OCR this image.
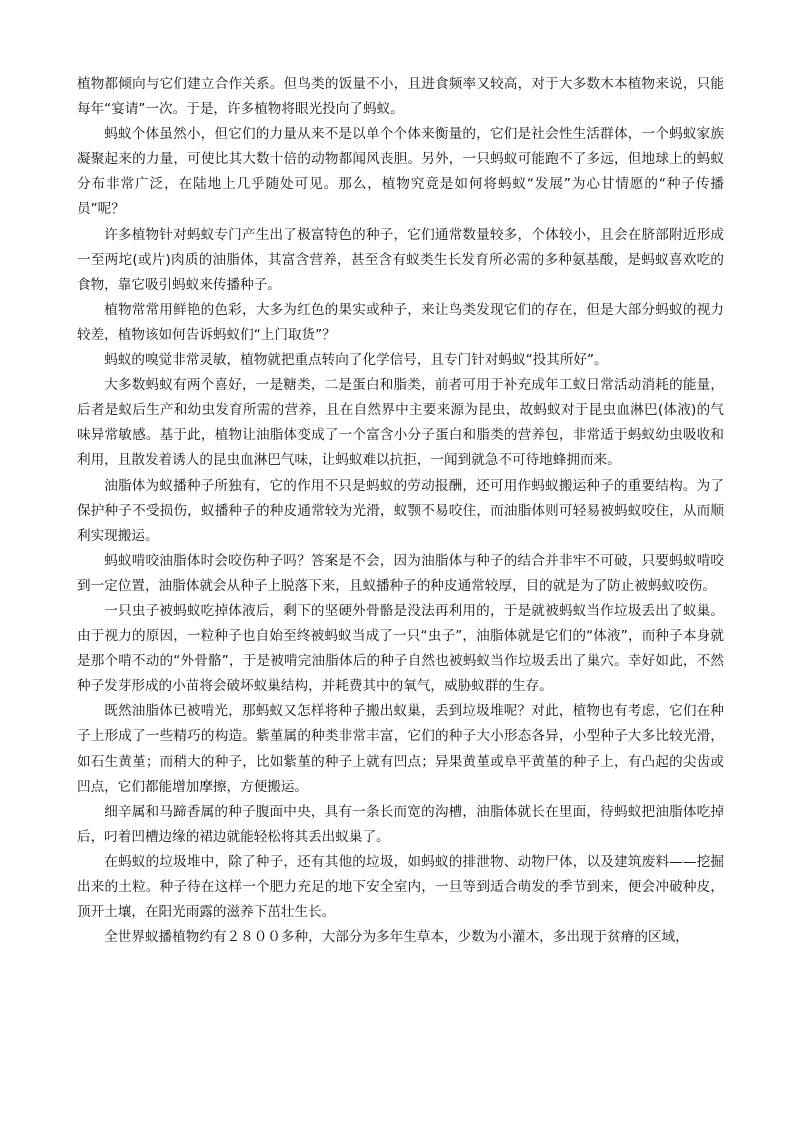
植物都倾向与它们建立合作关系。但鸟类的饭量不小，且进食频率又较高，对于大多数木本植物来说，只能每年“宴请”一次。于是，许多植物将眼光投向了蚂蚁。

蚂蚁个体虽然小，但它们的力量从来不是以单个个体来衡量的，它们是社会性生活群体，一个蚂蚁家族凝聚起来的力量，可使比其大数十倍的动物都闻风丧胆。另外，一只蚂蚁可能跑不了多远，但地球上的蚂蚁分布非常广泛，在陆地上几乎随处可见。那么，植物究竟是如何将蚂蚁“发展”为心甘情愿的“种子传播员”呢？

许多植物针对蚂蚁专门产生出了极富特色的种子，它们通常数量较多，个体较小，且会在脐部附近形成一至两坨(或片)肉质的油脂体，其富含营养，甚至含有蚁类生长发育所必需的多种氨基酸，是蚂蚁喜欢吃的食物，靠它吸引蚂蚁来传播种子。

植物常常用鲜艳的色彩，大多为红色的果实或种子，来让鸟类发现它们的存在，但是大部分蚂蚁的视力较差，植物该如何告诉蚂蚁们“上门取货”？

蚂蚁的嗅觉非常灵敏，植物就把重点转向了化学信号，且专门针对蚂蚁“投其所好”。

大多数蚂蚁有两个喜好，一是糖类，二是蛋白和脂类，前者可用于补充成年工蚁日常活动消耗的能量，后者是蚁后生产和幼虫发育所需的营养，且在自然界中主要来源为昆虫，故蚂蚁对于昆虫血淋巴(体液)的气味异常敏感。基于此，植物让油脂体变成了一个富含小分子蛋白和脂类的营养包，非常适于蚂蚁幼虫吸收和利用，且散发着诱人的昆虫血淋巴气味，让蚂蚁难以抗拒，一闻到就急不可待地蜂拥而来。

油脂体为蚁播种子所独有，它的作用不只是蚂蚁的劳动报酬，还可用作蚂蚁搬运种子的重要结构。为了保护种子不受损伤，蚁播种子的种皮通常较为光滑，蚁颚不易咬住，而油脂体则可轻易被蚂蚁咬住，从而顺利实现搬运。

蚂蚁啃咬油脂体时会咬伤种子吗？答案是不会，因为油脂体与种子的结合并非牢不可破，只要蚂蚁啃咬到一定位置，油脂体就会从种子上脱落下来，且蚁播种子的种皮通常较厚，目的就是为了防止被蚂蚁咬伤。

一只虫子被蚂蚁吃掉体液后，剩下的坚硬外骨骼是没法再利用的，于是就被蚂蚁当作垃圾丢出了蚁巢。 由于视力的原因，一粒种子也自始至终被蚂蚁当成了一只“虫子”，油脂体就是它们的“体液”，而种子本身就是那个啃不动的“外骨骼”，于是被啃完油脂体后的种子自然也被蚂蚁当作垃圾丢出了巢穴。幸好如此，不然种子发芽形成的小苗将会破坏蚁巢结构，并耗费其中的氧气，威胁蚁群的生存。

既然油脂体已被啃光，那蚂蚁又怎样将种子搬出蚁巢，丢到垃圾堆呢？对此，植物也有考虑，它们在种子上形成了一些精巧的构造。紫堇属的种类非常丰富，它们的种子大小形态各异，小型种子大多比较光滑，如石生黄堇；而稍大的种子，比如紫堇的种子上就有凹点；异果黄堇或阜平黄堇的种子上，有凸起的尖齿或凹点，它们都能增加摩擦，方便搬运。

细辛属和马蹄香属的种子腹面中央，具有一条长而宽的沟槽，油脂体就长在里面，待蚂蚁把油脂体吃掉后，叼着凹槽边缘的裙边就能轻松将其丢出蚁巢了。

在蚂蚁的垃圾堆中，除了种子，还有其他的垃圾，如蚂蚁的排泄物、动物尸体，以及建筑废料——挖掘出来的土粒。种子待在这样一个肥力充足的地下安全室内，一旦等到适合萌发的季节到来，便会冲破种皮，顶开土壤，在阳光雨露的滋养下茁壮生长。

全世界蚁播植物约有２８００多种，大部分为多年生草本，少数为小灌木，多出现于贫瘠的区域，
